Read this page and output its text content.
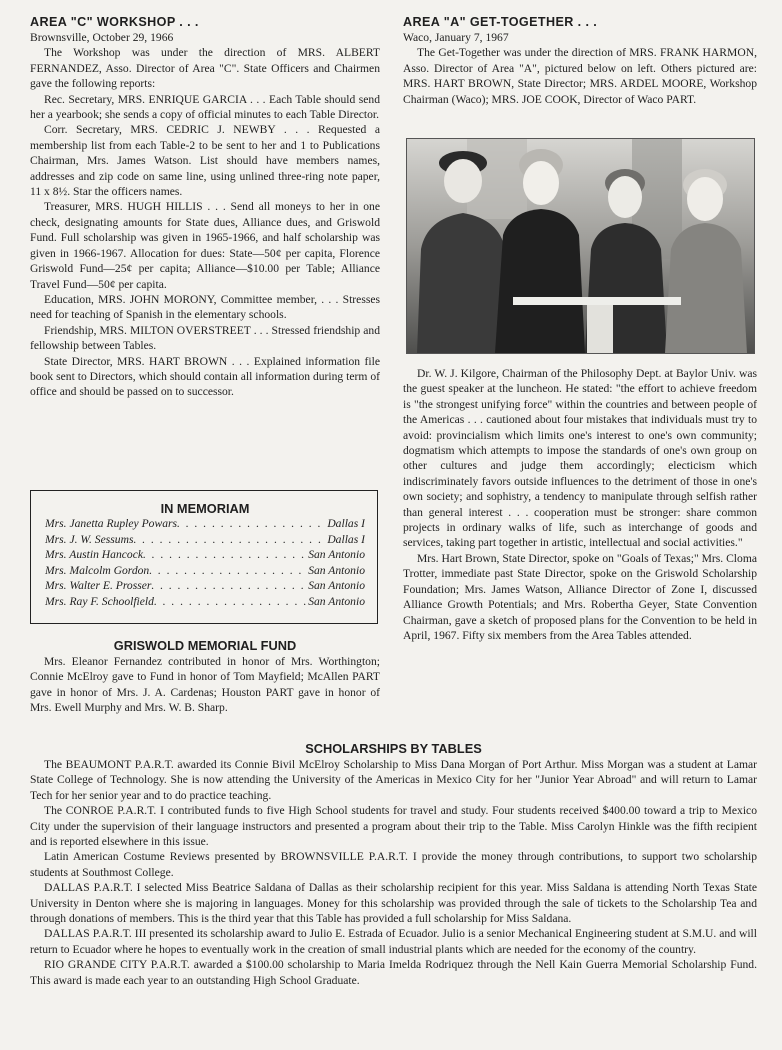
AREA "C" WORKSHOP . . .
Brownsville, October 29, 1966

The Workshop was under the direction of MRS. ALBERT FERNANDEZ, Asso. Director of Area "C". State Officers and Chairmen gave the following reports:

Rec. Secretary, MRS. ENRIQUE GARCIA . . . Each Table should send her a yearbook; she sends a copy of official minutes to each Table Director.

Corr. Secretary, MRS. CEDRIC J. NEWBY . . . Requested a membership list from each Table-2 to be sent to her and 1 to Publications Chairman, Mrs. James Watson. List should have members names, addresses and zip code on same line, using unlined three-ring note paper, 11 x 8½. Star the officers names.

Treasurer, MRS. HUGH HILLIS . . . Send all moneys to her in one check, designating amounts for State dues, Alliance dues, and Griswold Fund. Full scholarship was given in 1965-1966, and half scholarship was given in 1966-1967. Allocation for dues: State—50¢ per capita, Florence Griswold Fund—25¢ per capita; Alliance—$10.00 per Table; Alliance Travel Fund—50¢ per capita.

Education, MRS. JOHN MORONY, Committee member, . . . Stresses need for teaching of Spanish in the elementary schools.

Friendship, MRS. MILTON OVERSTREET . . . Stressed friendship and fellowship between Tables.

State Director, MRS. HART BROWN . . . Explained information file book sent to Directors, which should contain all information during term of office and should be passed on to successor.

IN MEMORIAM
Mrs. Janetta Rupley Powars . . .	Dallas I
Mrs. J. W. Sessums . . .	Dallas I
Mrs. Austin Hancock . . .	San Antonio
Mrs. Malcolm Gordon . . .	San Antonio
Mrs. Walter E. Prosser . . .	San Antonio
Mrs. Ray F. Schoolfield . . .	San Antonio
GRISWOLD MEMORIAL FUND

Mrs. Eleanor Fernandez contributed in honor of Mrs. Worthington; Connie McElroy gave to Fund in honor of Tom Mayfield; McAllen PART gave in honor of Mrs. J. A. Cardenas; Houston PART gave in honor of Mrs. Ewell Murphy and Mrs. W. B. Sharp.

AREA "A" GET-TOGETHER . . .
Waco, January 7, 1967

The Get-Together was under the direction of MRS. FRANK HARMON, Asso. Director of Area "A", pictured below on left. Others pictured are: MRS. HART BROWN, State Director; MRS. ARDEL MOORE, Workshop Chairman (Waco); MRS. JOE COOK, Director of Waco PART.

Dr. W. J. Kilgore, Chairman of the Philosophy Dept. at Baylor Univ. was the guest speaker at the luncheon. He stated: "the effort to achieve freedom is "the strongest unifying force" within the countries and between people of the Americas . . . cautioned about four mistakes that individuals must try to avoid: provincialism which limits one's interest to one's own community; dogmatism which attempts to impose the standards of one's own group on other cultures and judge them accordingly; electicism which indiscriminately favors outside influences to the detriment of those in one's own society; and sophistry, a tendency to manipulate through selfish rather than general interest . . . cooperation must be stronger: share common projects in ordinary walks of life, such as interchange of goods and services, taking part together in artistic, intellectual and social activities."

Mrs. Hart Brown, State Director, spoke on "Goals of Texas;" Mrs. Cloma Trotter, immediate past State Director, spoke on the Griswold Scholarship Foundation; Mrs. James Watson, Alliance Director of Zone I, discussed Alliance Growth Potentials; and Mrs. Robertha Geyer, State Convention Chairman, gave a sketch of proposed plans for the Convention to be held in April, 1967. Fifty six members from the Area Tables attended.

SCHOLARSHIPS BY TABLES

The BEAUMONT P.A.R.T. awarded its Connie Bivil McElroy Scholarship to Miss Dana Morgan of Port Arthur. Miss Morgan was a student at Lamar State College of Technology. She is now attending the University of the Americas in Mexico City for her "Junior Year Abroad" and will return to Lamar Tech for her senior year and to do practice teaching.

The CONROE P.A.R.T. I contributed funds to five High School students for travel and study. Four students received $400.00 toward a trip to Mexico City under the supervision of their language instructors and presented a program about their trip to the Table. Miss Carolyn Hinkle was the fifth recipient and is reported elsewhere in this issue.

Latin American Costume Reviews presented by BROWNSVILLE P.A.R.T. I provide the money through contributions, to support two scholarship students at Southmost College.

DALLAS P.A.R.T. I selected Miss Beatrice Saldana of Dallas as their scholarship recipient for this year. Miss Saldana is attending North Texas State University in Denton where she is majoring in languages. Money for this scholarship was provided through the sale of tickets to the Scholarship Tea and through donations of members. This is the third year that this Table has provided a full scholarship for Miss Saldana.

DALLAS P.A.R.T. III presented its scholarship award to Julio E. Estrada of Ecuador. Julio is a senior Mechanical Engineering student at S.M.U. and will return to Ecuador where he hopes to eventually work in the creation of small industrial plants which are needed for the economy of the country.

RIO GRANDE CITY P.A.R.T. awarded a $100.00 scholarship to Maria Imelda Rodriquez through the Nell Kain Guerra Memorial Scholarship Fund. This award is made each year to an outstanding High School Graduate.
